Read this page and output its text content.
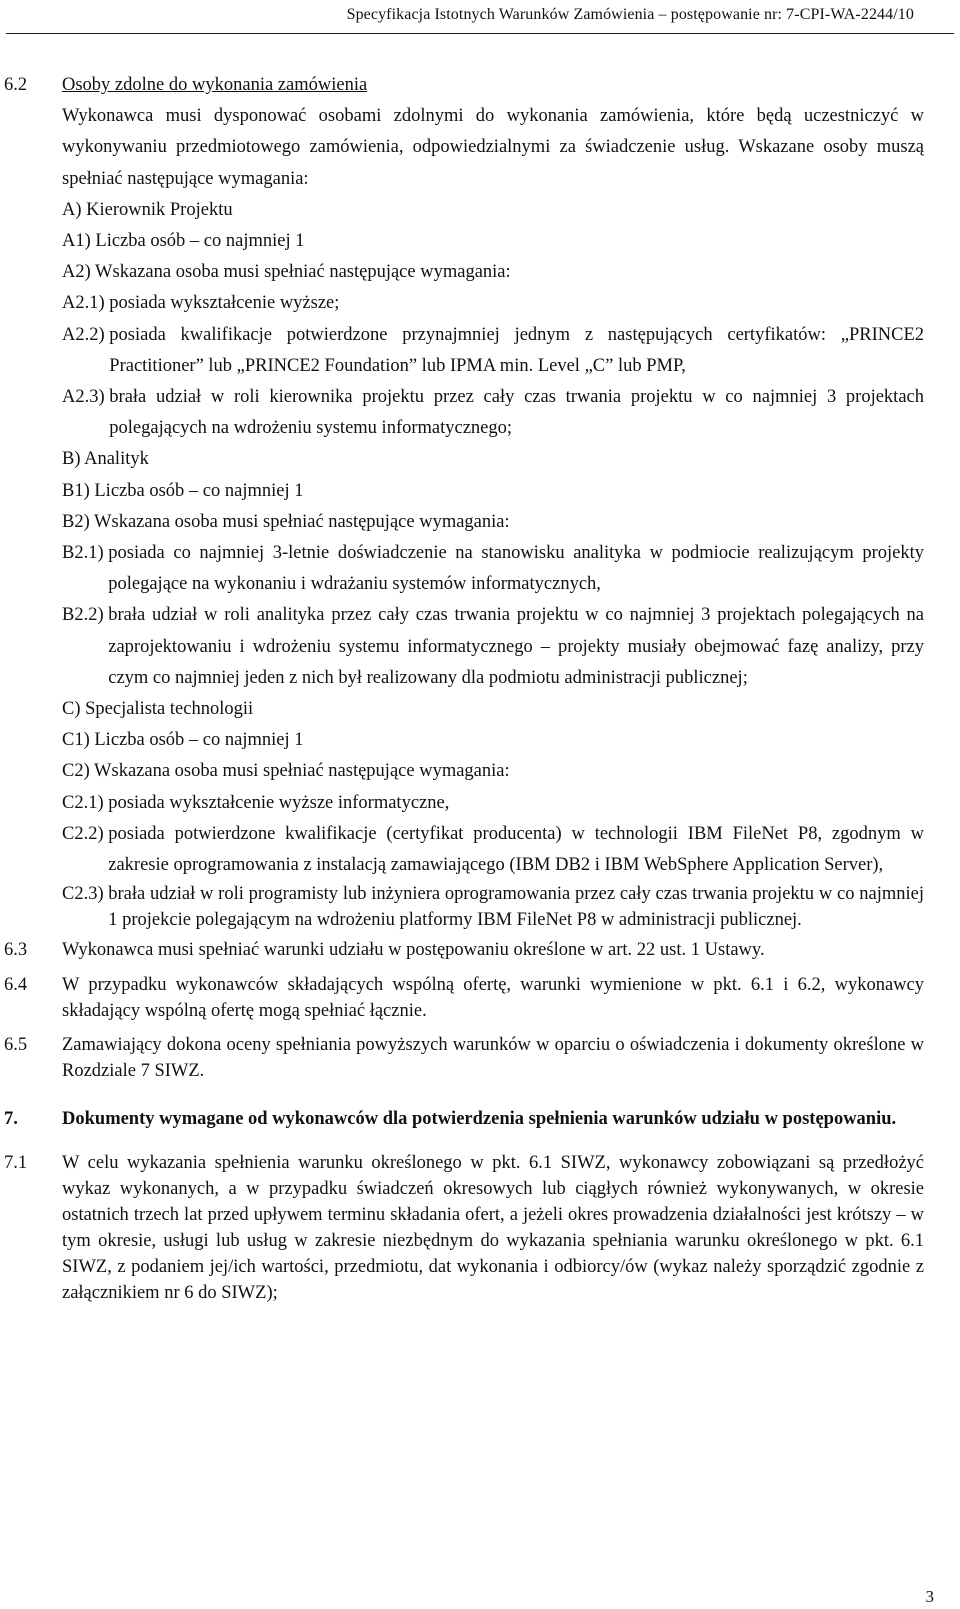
Specyfikacja Istotnych Warunków Zamówienia – postępowanie nr: 7-CPI-WA-2244/10
6.2	Osoby zdolne do wykonania zamówienia
Wykonawca musi dysponować osobami zdolnymi do wykonania zamówienia, które będą uczestniczyć w wykonywaniu przedmiotowego zamówienia, odpowiedzialnymi za świadczenie usług. Wskazane osoby muszą spełniać następujące wymagania:
A) Kierownik Projektu
A1) Liczba osób – co najmniej 1
A2) Wskazana osoba musi spełniać następujące wymagania:
A2.1) posiada wykształcenie wyższe;
A2.2) posiada kwalifikacje potwierdzone przynajmniej jednym z następujących certyfikatów: „PRINCE2 Practitioner” lub „PRINCE2 Foundation” lub IPMA min. Level „C” lub PMP,
A2.3) brała udział w roli kierownika projektu przez cały czas trwania projektu w co najmniej 3 projektach polegających na wdrożeniu systemu informatycznego;
B) Analityk
B1) Liczba osób – co najmniej 1
B2) Wskazana osoba musi spełniać następujące wymagania:
B2.1) posiada co najmniej 3-letnie doświadczenie na stanowisku analityka w podmiocie realizującym projekty polegające na wykonaniu i wdrażaniu systemów informatycznych,
B2.2) brała udział w roli analityka przez cały czas trwania projektu w co najmniej 3 projektach polegających na zaprojektowaniu i wdrożeniu systemu informatycznego – projekty musiały obejmować fazę analizy, przy czym co najmniej jeden z nich był realizowany dla podmiotu administracji publicznej;
C) Specjalista technologii
C1) Liczba osób – co najmniej 1
C2) Wskazana osoba musi spełniać następujące wymagania:
C2.1) posiada wykształcenie wyższe informatyczne,
C2.2) posiada potwierdzone kwalifikacje (certyfikat producenta) w technologii IBM FileNet P8, zgodnym w zakresie oprogramowania z instalacją zamawiającego (IBM DB2 i IBM WebSphere Application Server),
C2.3) brała udział w roli programisty lub inżyniera oprogramowania przez cały czas trwania projektu w co najmniej 1 projekcie polegającym na wdrożeniu platformy IBM FileNet P8 w administracji publicznej.
6.3	Wykonawca musi spełniać warunki udziału w postępowaniu określone w art. 22 ust. 1 Ustawy.
6.4	W przypadku wykonawców składających wspólną ofertę, warunki wymienione w pkt. 6.1 i 6.2, wykonawcy składający wspólną ofertę mogą spełniać łącznie.
6.5	Zamawiający dokona oceny spełniania powyższych warunków w oparciu o oświadczenia i dokumenty określone w Rozdziale 7 SIWZ.
7.	Dokumenty wymagane od wykonawców dla potwierdzenia spełnienia warunków udziału w postępowaniu.
7.1	W celu wykazania spełnienia warunku określonego w pkt. 6.1 SIWZ, wykonawcy zobowiązani są przedłożyć wykaz wykonanych, a w przypadku świadczeń okresowych lub ciągłych również wykonywanych, w okresie ostatnich trzech lat przed upływem terminu składania ofert, a jeżeli okres prowadzenia działalności jest krótszy – w tym okresie, usługi lub usług w zakresie niezbędnym do wykazania spełniania warunku określonego w pkt. 6.1 SIWZ, z podaniem jej/ich wartości, przedmiotu, dat wykonania i odbiorcy/ów (wykaz należy sporządzić zgodnie z załącznikiem nr 6 do SIWZ);
3
